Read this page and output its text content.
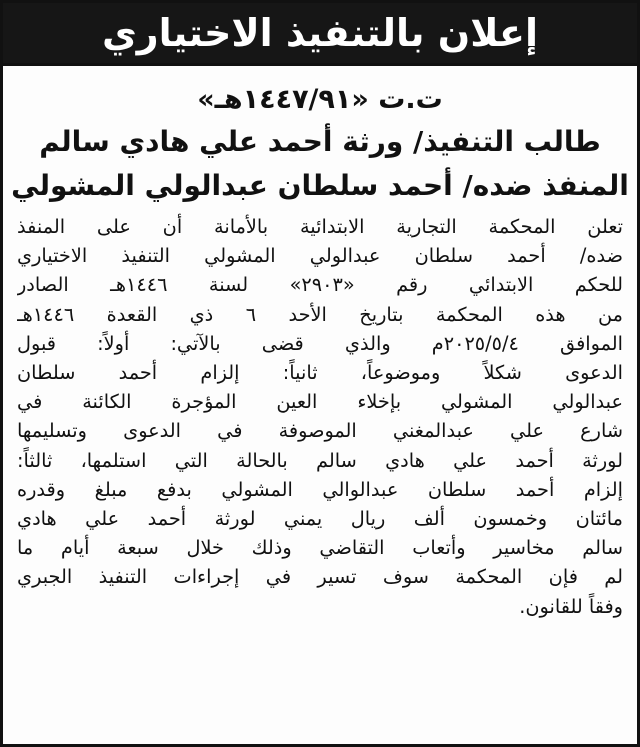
إعلان بالتنفيذ الاختياري
ت.ت «١٤٤٧/٩١هـ»
طالب التنفيذ/ ورثة أحمد علي هادي سالم
المنفذ ضده/ أحمد سلطان عبدالولي المشولي
تعلن المحكمة التجارية الابتدائية بالأمانة أن على المنفذ
ضده/ أحمد سلطان عبدالولي المشولي التنفيذ الاختياري
للحكم الابتدائي رقم «٢٩٠٣» لسنة ١٤٤٦هـ الصادر
من هذه المحكمة بتاريخ الأحد ٦ ذي القعدة ١٤٤٦هـ
الموافق ٢٠٢٥/٥/٤م والذي قضى بالآتي: أولاً: قبول
الدعوى شكلاً وموضوعاً، ثانياً: إلزام أحمد سلطان
عبدالولي المشولي بإخلاء العين المؤجرة الكائنة في
شارع علي عبدالمغني الموصوفة في الدعوى وتسليمها
لورثة أحمد علي هادي سالم بالحالة التي استلمها، ثالثاً:
إلزام أحمد سلطان عبدالوالي المشولي بدفع مبلغ وقدره
مائتان وخمسون ألف ريال يمني لورثة أحمد علي هادي
سالم مخاسير وأتعاب التقاضي وذلك خلال سبعة أيام ما
لم فإن المحكمة سوف تسير في إجراءات التنفيذ الجبري
وفقاً للقانون.
